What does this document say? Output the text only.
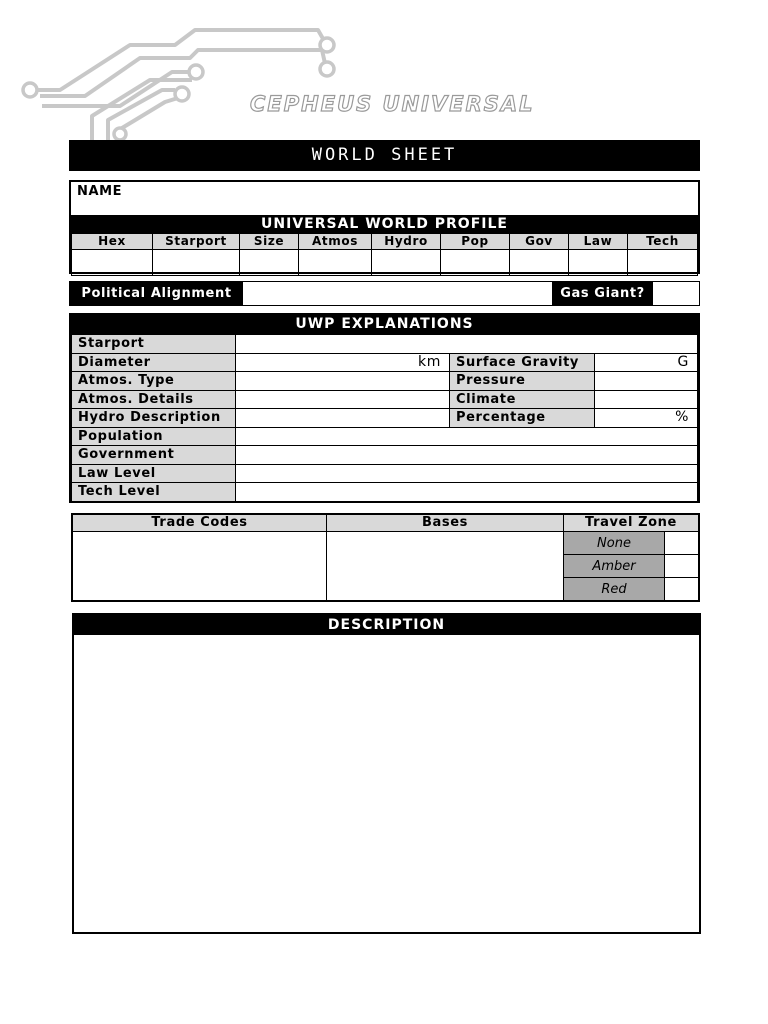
CEPHEUS UNIVERSAL
WORLD SHEET
NAME
UNIVERSAL WORLD PROFILE
Hex	Starport	Size	Atmos	Hydro	Pop	Gov	Law	Tech

Political Alignment	Gas Giant?
UWP EXPLANATIONS
Starport			
Diameter	km	Surface Gravity	G
Atmos. Type		Pressure	
Atmos. Details		Climate	
Hydro Description		Percentage	%
Population			
Government			
Law Level			
Tech Level			
Trade Codes	Bases	Travel Zone	
		None	
		Amber	
		Red	
DESCRIPTION
